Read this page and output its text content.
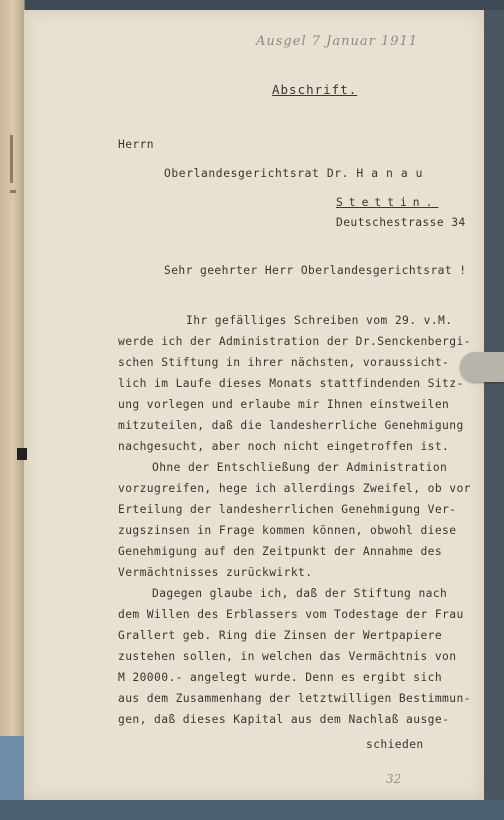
Ausgel 7 Januar 1911
Abschrift.
Herrn
Oberlandesgerichtsrat Dr. H a n a u
Stettin.
Deutschestrasse 34
Sehr geehrter Herr Oberlandesgerichtsrat !
Ihr gefälliges Schreiben vom 29. v.M.
werde ich der Administration der Dr.Senckenbergi-
schen Stiftung in ihrer nächsten, voraussicht-
lich im Laufe dieses Monats stattfindenden Sitz-
ung vorlegen und erlaube mir Ihnen einstweilen
mitzuteilen, daß die landesherrliche Genehmigung
nachgesucht, aber noch nicht eingetroffen ist.
Ohne der Entschließung der Administration
vorzugreifen, hege ich allerdings Zweifel, ob vor
Erteilung der landesherrlichen Genehmigung Ver-
zugszinsen in Frage kommen können, obwohl diese
Genehmigung auf den Zeitpunkt der Annahme des
Vermächtnisses zurückwirkt.
Dagegen glaube ich, daß der Stiftung nach
dem Willen des Erblassers vom Todestage der Frau
Grallert geb. Ring die Zinsen der Wertpapiere
zustehen sollen, in welchen das Vermächtnis von
M 20000.- angelegt wurde. Denn es ergibt sich
aus dem Zusammenhang der letztwilligen Bestimmun-
gen, daß dieses Kapital aus dem Nachlaß ausge-
schieden
32
